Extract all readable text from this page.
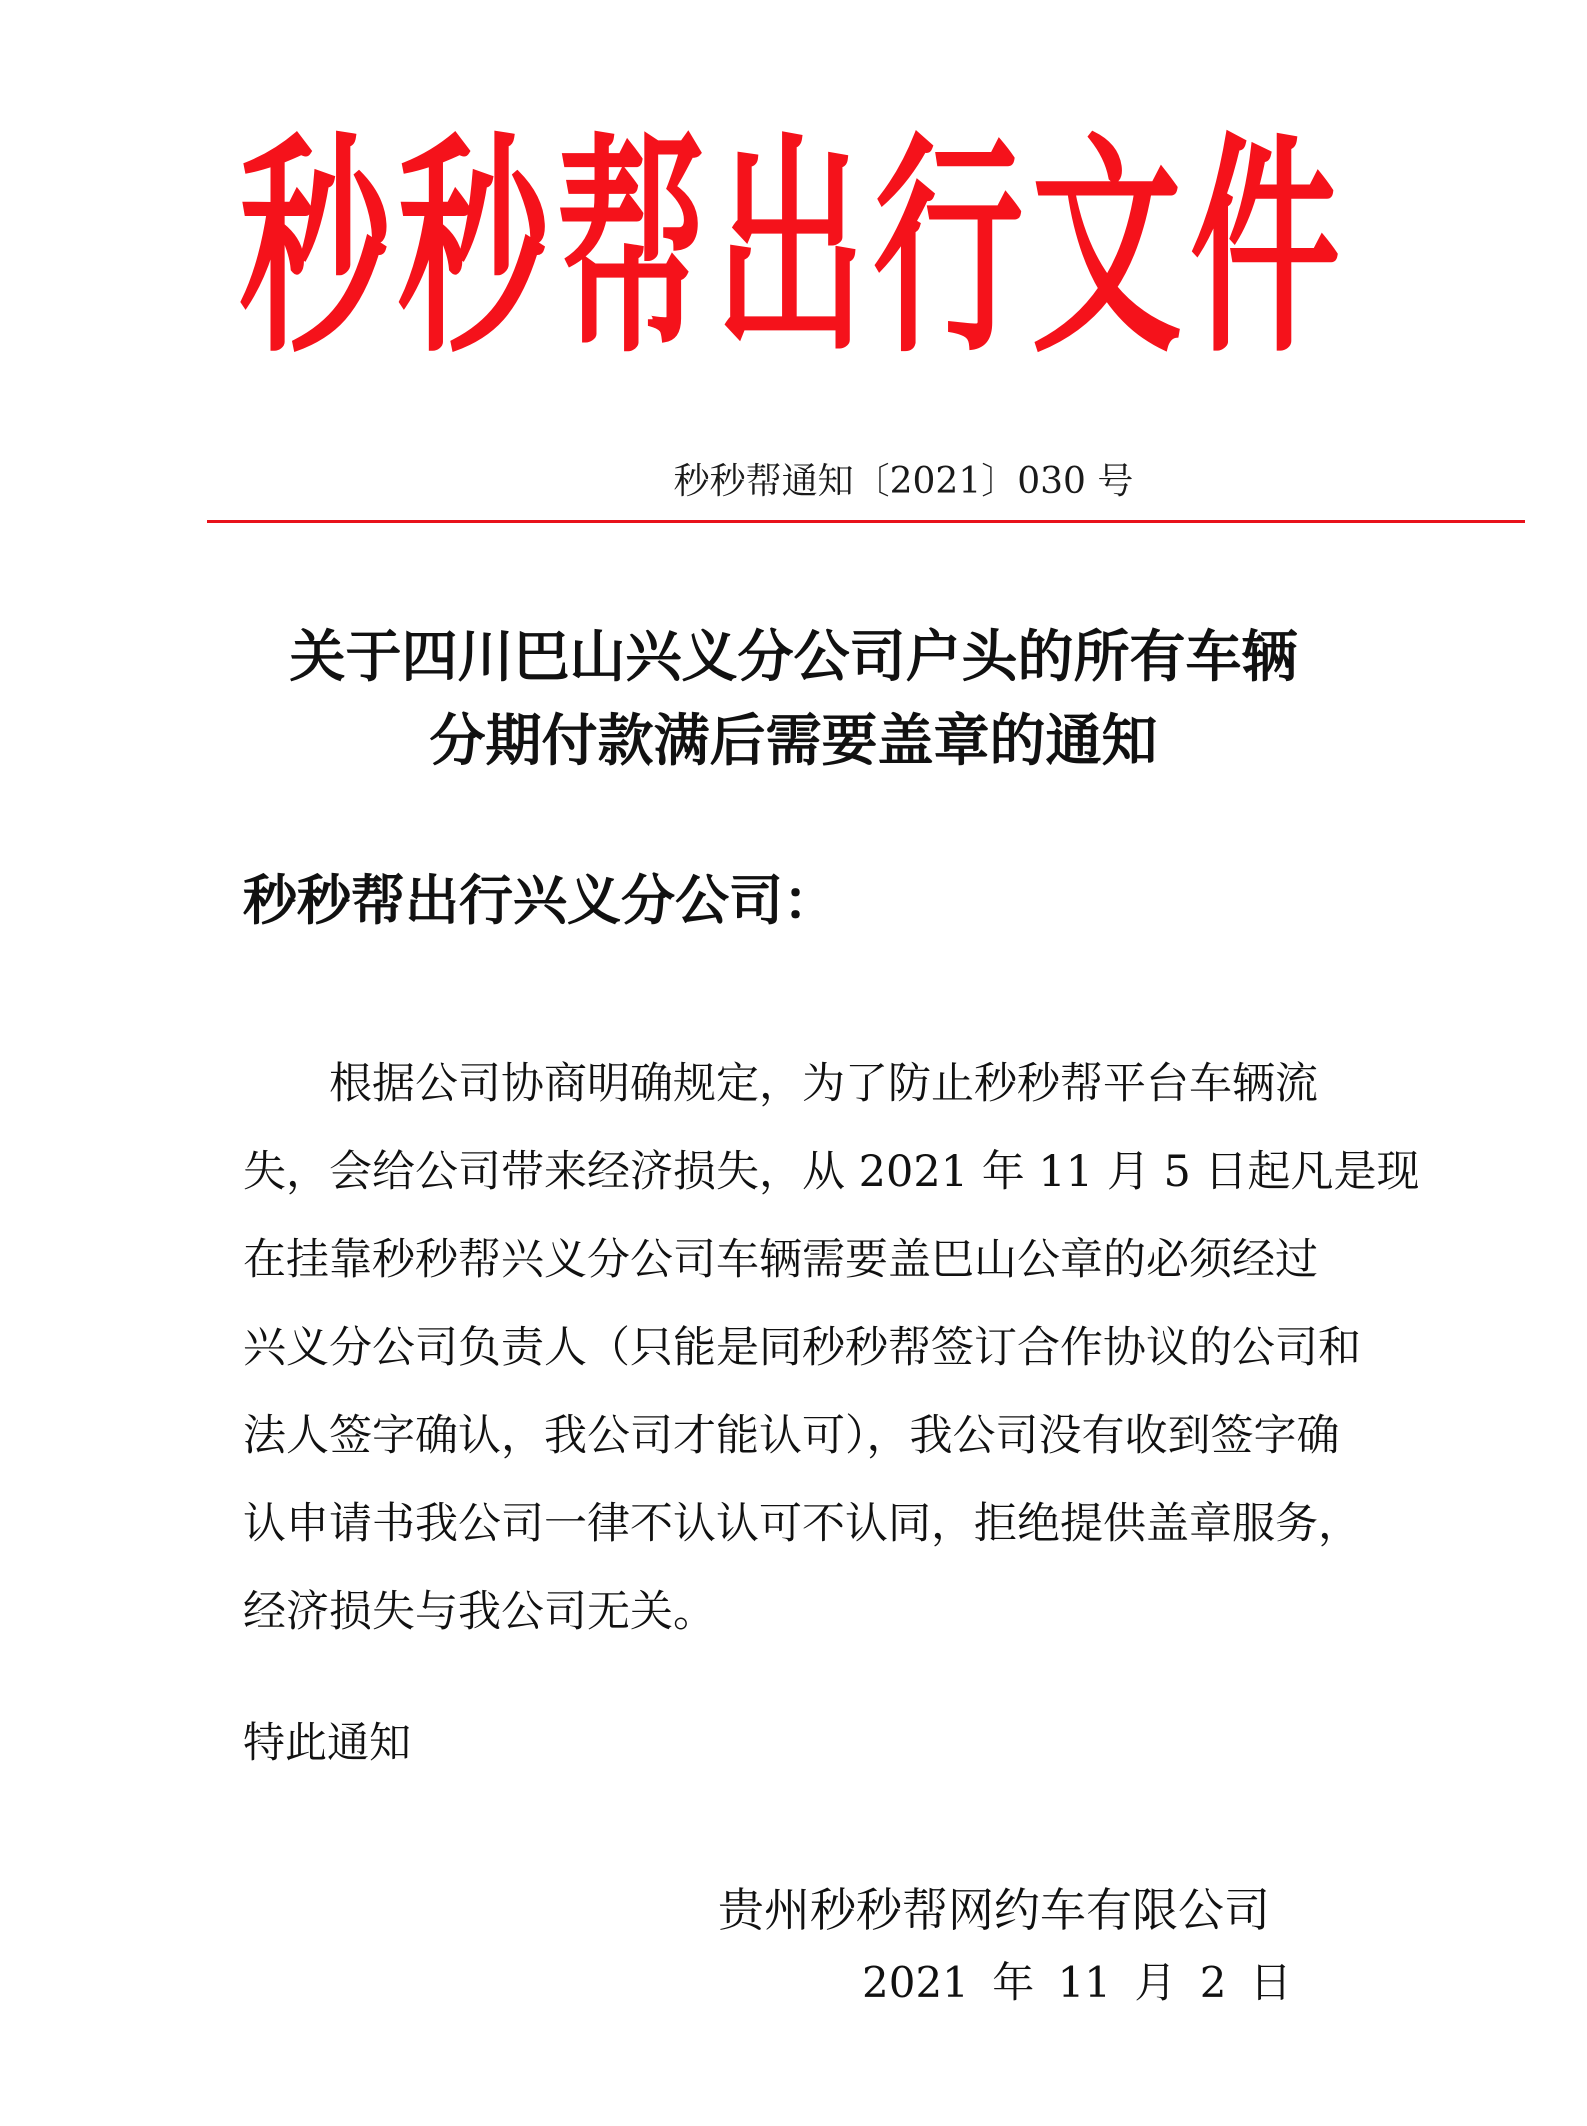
秒 秒 帮 出 行 文 件
秒秒帮通知〔2021〕030 号
关于四川巴山兴义分公司户头的所有车辆
分期付款满后需要盖章的通知
秒秒帮出行兴义分公司：
根据公司协商明确规定，为了防止秒秒帮平台车辆流
失，会给公司带来经济损失，从 2021 年 11 月 5 日起凡是现
在挂靠秒秒帮兴义分公司车辆需要盖巴山公章的必须经过
兴义分公司负责人（只能是同秒秒帮签订合作协议的公司和
法人签字确认，我公司才能认可），我公司没有收到签字确
认申请书我公司一律不认认可不认同，拒绝提供盖章服务，
经济损失与我公司无关。
特此通知
贵州秒秒帮网约车有限公司
2021 年 11 月 2 日
